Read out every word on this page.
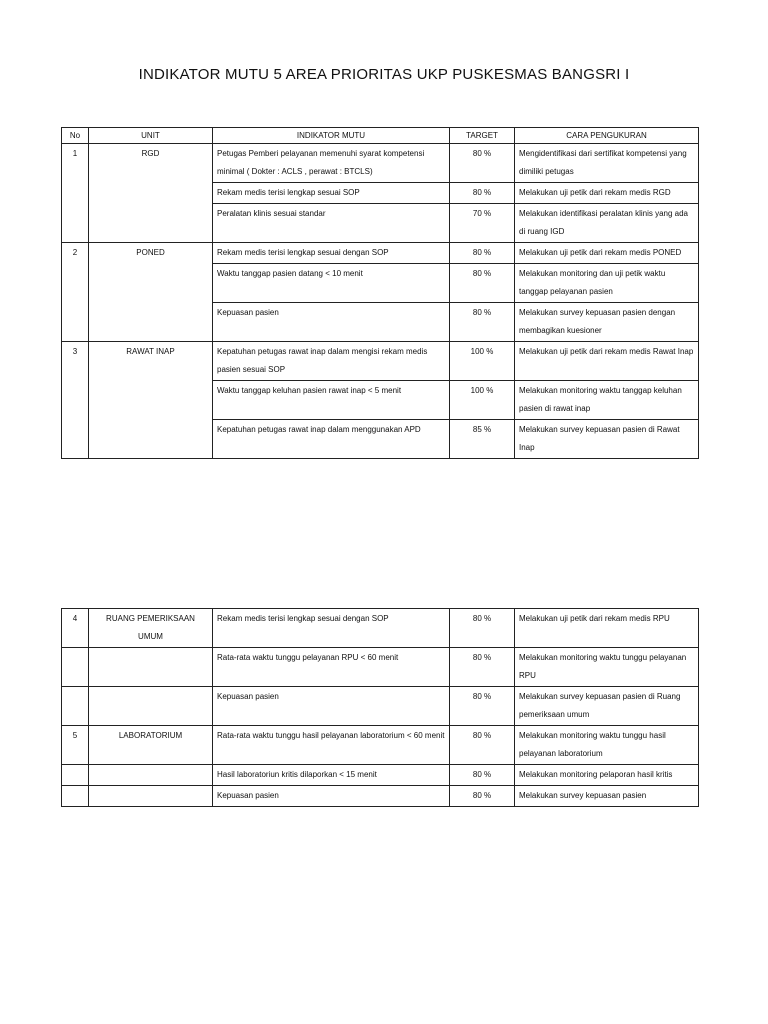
INDIKATOR MUTU 5 AREA PRIORITAS UKP PUSKESMAS BANGSRI I
No	UNIT	INDIKATOR MUTU	TARGET	CARA PENGUKURAN
1	RGD	Petugas Pemberi pelayanan memenuhi syarat kompetensi minimal ( Dokter : ACLS , perawat : BTCLS)	80 %	Mengidentifikasi dari sertifikat kompetensi yang dimiliki petugas
		Rekam medis terisi lengkap sesuai SOP	80 %	Melakukan uji petik dari rekam medis RGD
		Peralatan klinis sesuai standar	70 %	Melakukan identifikasi peralatan klinis yang ada di ruang IGD
2	PONED	Rekam medis terisi lengkap sesuai dengan SOP	80 %	Melakukan uji petik dari rekam medis PONED
		Waktu tanggap pasien datang < 10 menit	80 %	Melakukan monitoring dan uji petik waktu tanggap pelayanan pasien
		Kepuasan pasien	80 %	Melakukan survey kepuasan pasien dengan membagikan kuesioner
3	RAWAT INAP	Kepatuhan petugas rawat inap dalam mengisi rekam medis pasien sesuai SOP	100 %	Melakukan uji petik dari rekam medis Rawat Inap
		Waktu tanggap keluhan pasien rawat inap < 5 menit	100 %	Melakukan monitoring waktu tanggap keluhan pasien di rawat inap
		Kepatuhan petugas rawat inap dalam menggunakan APD	85 %	Melakukan survey kepuasan pasien di Rawat Inap
4	RUANG PEMERIKSAAN UMUM	Rekam medis terisi lengkap sesuai dengan SOP	80 %	Melakukan uji petik dari rekam medis RPU
		Rata-rata waktu tunggu pelayanan RPU < 60 menit	80 %	Melakukan monitoring waktu tunggu pelayanan RPU
		Kepuasan pasien	80 %	Melakukan survey kepuasan pasien di Ruang pemeriksaan umum
5	LABORATORIUM	Rata-rata waktu tunggu hasil pelayanan laboratorium < 60 menit	80 %	Melakukan monitoring waktu tunggu hasil pelayanan laboratorium
		Hasil laboratoriun kritis dilaporkan < 15 menit	80 %	Melakukan monitoring pelaporan hasil kritis
		Kepuasan pasien	80 %	Melakukan survey kepuasan pasien
